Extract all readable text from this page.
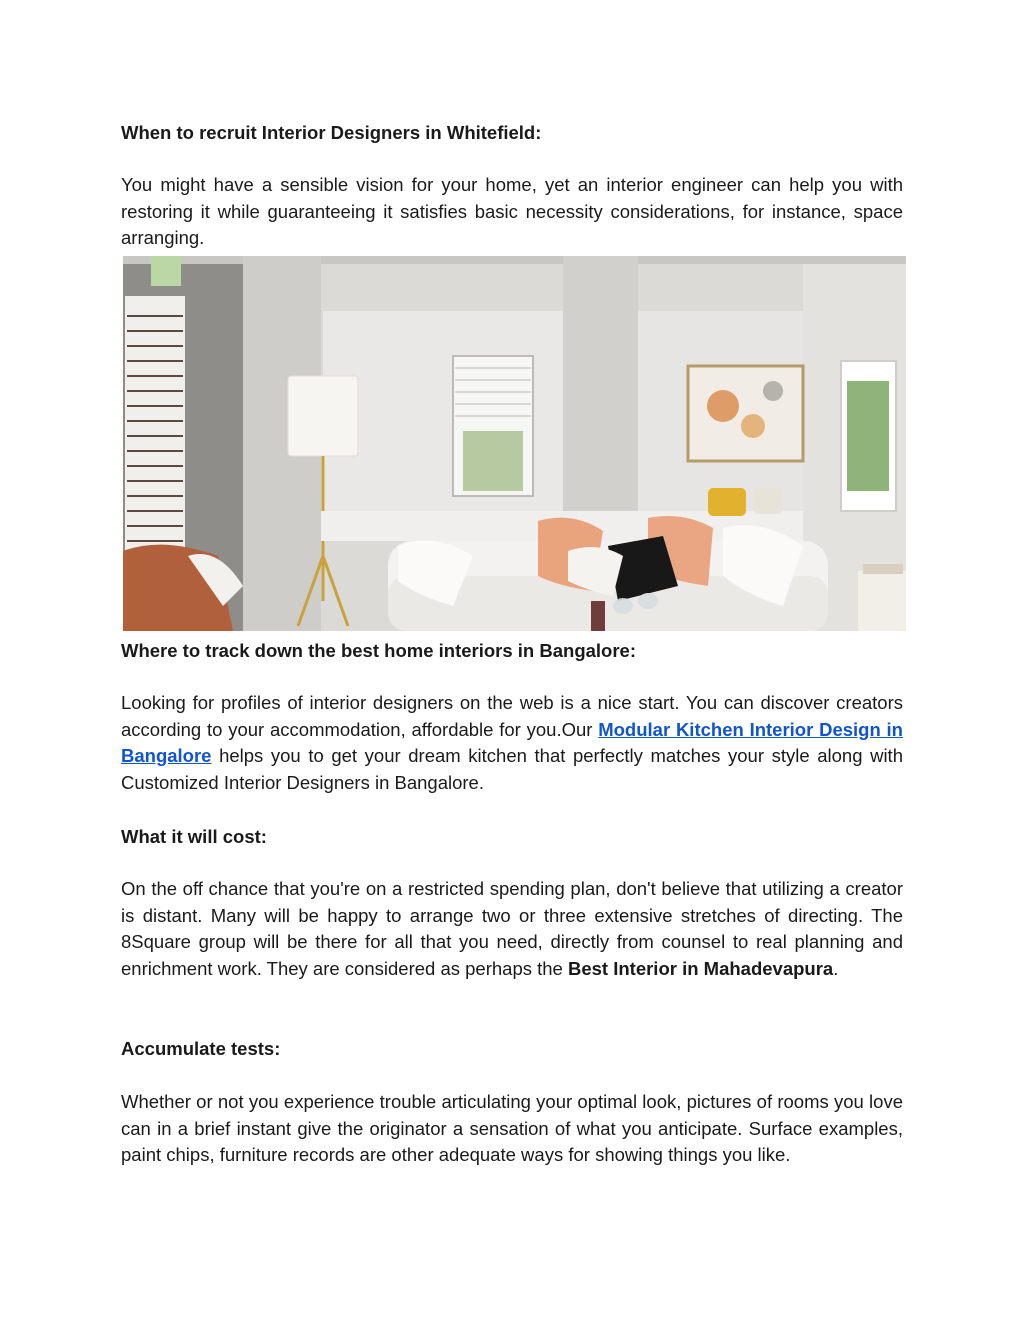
When to recruit Interior Designers in Whitefield:

You might have a sensible vision for your home, yet an interior engineer can help you with restoring it while guaranteeing it satisfies basic necessity considerations, for instance, space arranging.

Where to track down the best home interiors in Bangalore:

Looking for profiles of interior designers on the web is a nice start. You can discover creators according to your accommodation, affordable for you.Our Modular Kitchen Interior Design in Bangalore helps you to get your dream kitchen that perfectly matches your style along with Customized Interior Designers in Bangalore.

What it will cost:

On the off chance that you're on a restricted spending plan, don't believe that utilizing a creator is distant. Many will be happy to arrange two or three extensive stretches of directing. The 8Square group will be there for all that you need, directly from counsel to real planning and enrichment work. They are considered as perhaps the Best Interior in Mahadevapura.

Accumulate tests:

Whether or not you experience trouble articulating your optimal look, pictures of rooms you love can in a brief instant give the originator a sensation of what you anticipate. Surface examples, paint chips, furniture records are other adequate ways for showing things you like.
